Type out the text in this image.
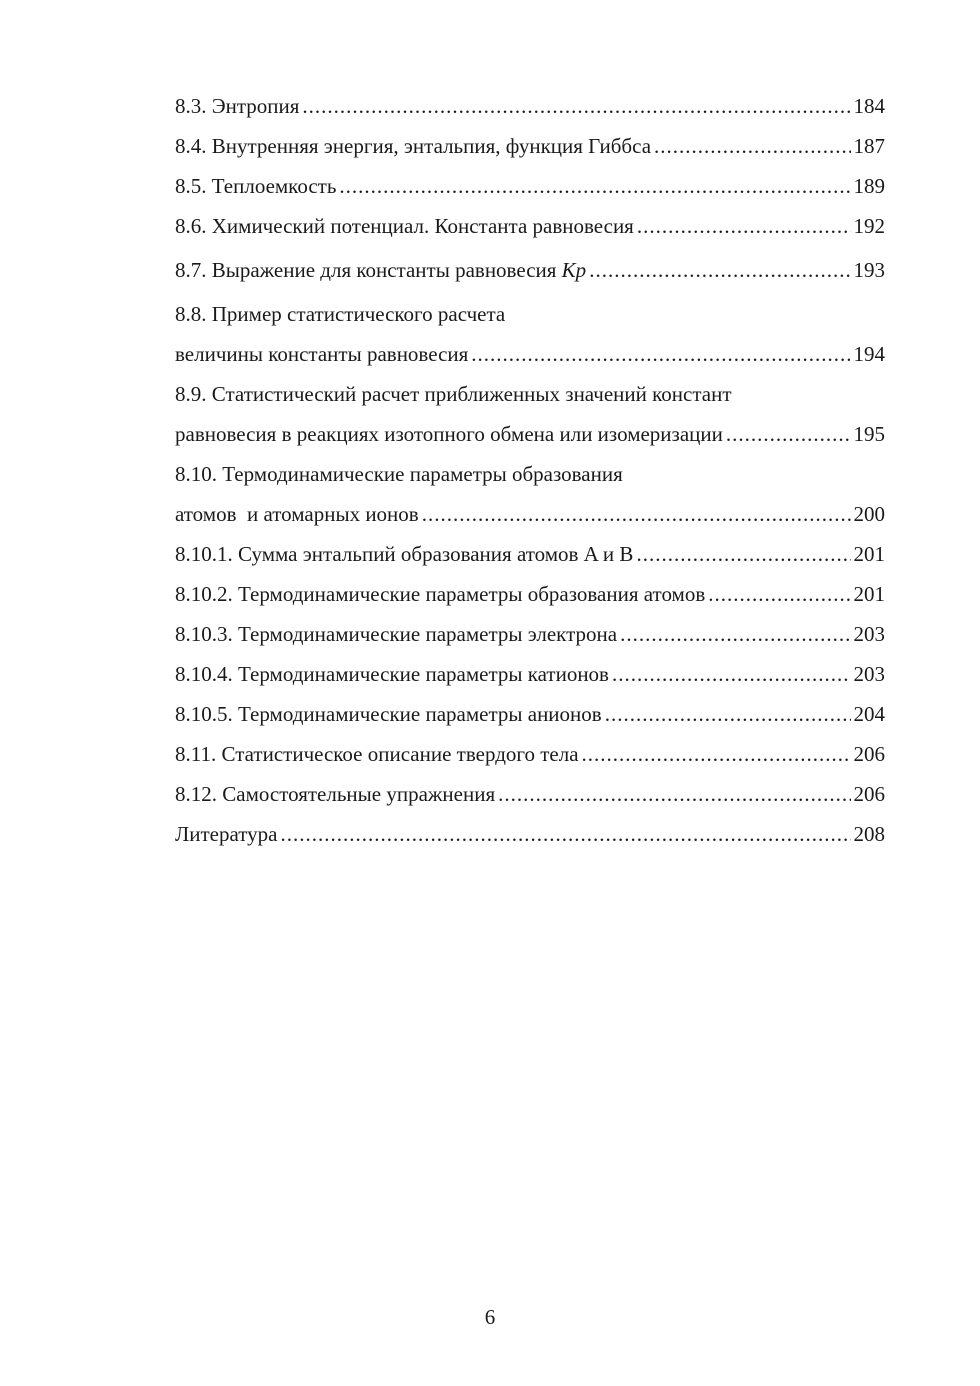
8.3. Энтропия .....	184
8.4. Внутренняя энергия, энтальпия, функция Гиббса .....	187
8.5. Теплоемкость .....	189
8.6. Химический потенциал. Константа равновесия .....	192
8.7. Выражение для константы равновесия Kp .....	193
8.8. Пример статистического расчета
величины константы равновесия .....	194
8.9. Статистический расчет приближенных значений констант
равновесия в реакциях изотопного обмена или изомеризации .....	195
8.10. Термодинамические параметры образования
атомов  и атомарных ионов .....	200
8.10.1. Сумма энтальпий образования атомов A и B .....	201
8.10.2. Термодинамические параметры образования атомов .....	201
8.10.3. Термодинамические параметры электрона .....	203
8.10.4. Термодинамические параметры катионов .....	203
8.10.5. Термодинамические параметры анионов .....	204
8.11. Статистическое описание твердого тела .....	206
8.12. Самостоятельные упражнения .....	206
Литература .....	208
6
